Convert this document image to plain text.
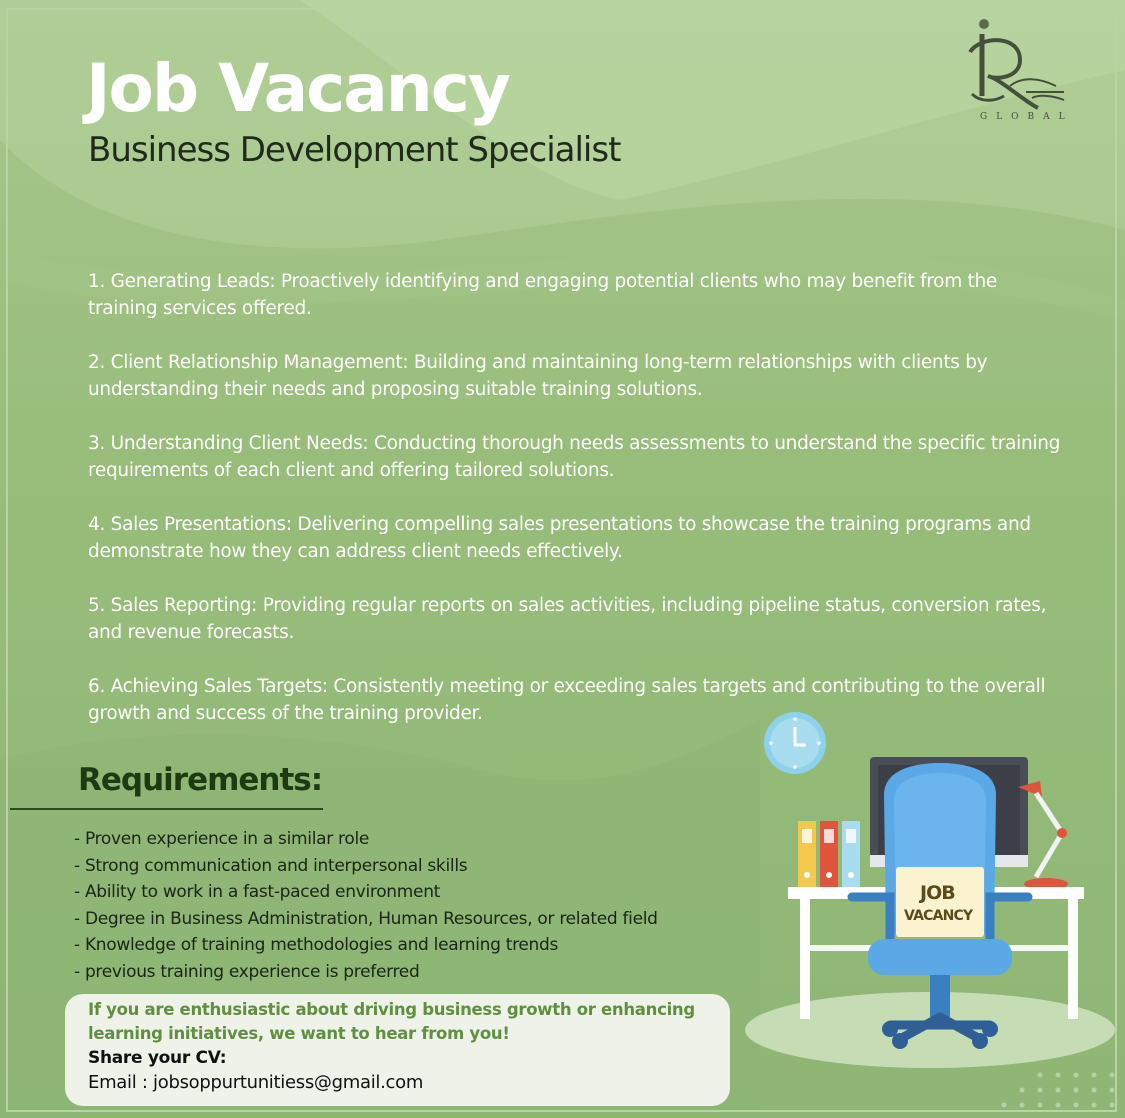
Job Vacancy
Business Development Specialist
GLOBAL

1. Generating Leads: Proactively identifying and engaging potential clients who may benefit from the training services offered.

2. Client Relationship Management: Building and maintaining long-term relationships with clients by understanding their needs and proposing suitable training solutions.

3. Understanding Client Needs: Conducting thorough needs assessments to understand the specific training requirements of each client and offering tailored solutions.

4. Sales Presentations: Delivering compelling sales presentations to showcase the training programs and demonstrate how they can address client needs effectively.

5. Sales Reporting: Providing regular reports on sales activities, including pipeline status, conversion rates, and revenue forecasts.

6. Achieving Sales Targets: Consistently meeting or exceeding sales targets and contributing to the overall growth and success of the training provider.

Requirements:
- Proven experience in a similar role
- Strong communication and interpersonal skills
- Ability to work in a fast-paced environment
- Degree in Business Administration, Human Resources, or related field
- Knowledge of training methodologies and learning trends
- previous training experience is preferred
If you are enthusiastic about driving business growth or enhancing learning initiatives, we want to hear from you!
Share your CV:
Email : jobsoppurtunitiess@gmail.com
JOB
VACANCY
